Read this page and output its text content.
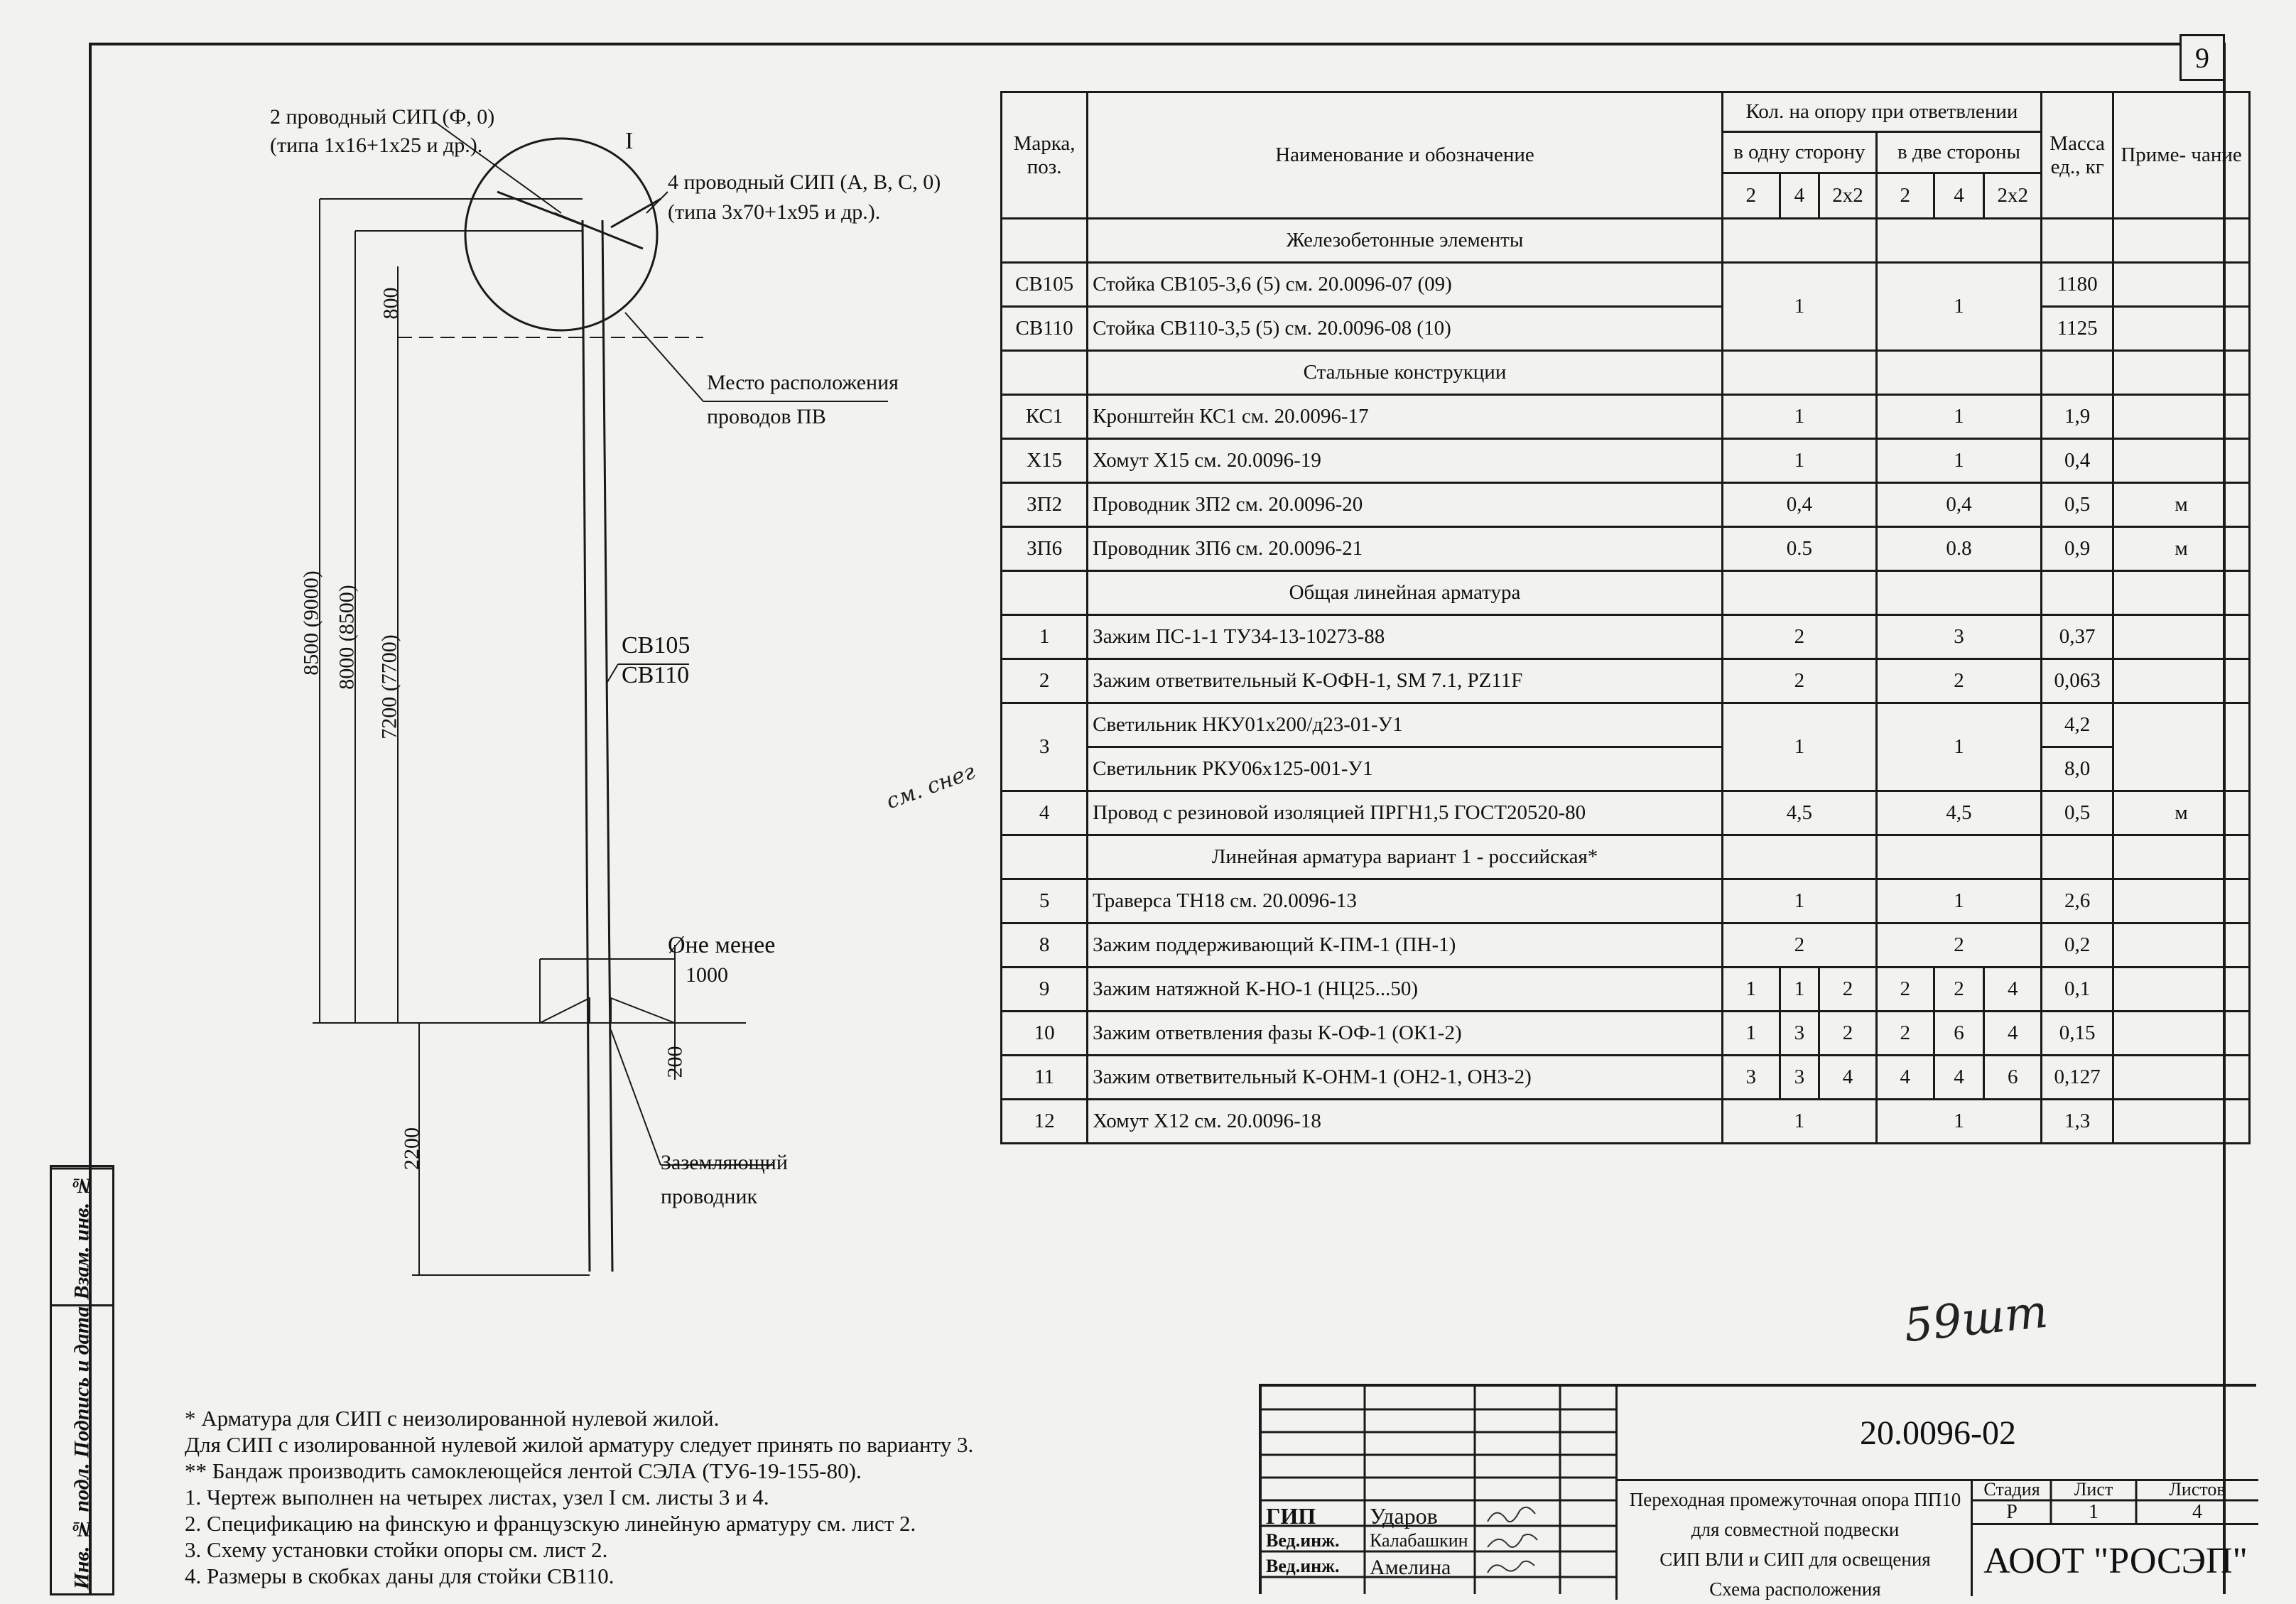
9
Взам. инв. №
Подпись и дата
Инв. № подл.
2 проводный СИП (Ф, 0)
(типа 1х16+1х25 и др.).	I
4 проводный СИП (А, В, С, 0)
(типа 3х70+1х95 и др.).
Место расположения
проводов ПВ
800
8500 (9000) 8000 (8500) 7200 (7700)
2200
200
СВ105
СВ110
Øне менее
1000
Заземляющий
проводник
Марка, поз.	Наименование и обозначение	Кол. на опору при ответвлении						Масса ед., кг	Приме- чание
		в одну сторону			в две стороны				
		2	4	2х2	2	4	2х2		
	Железобетонные элементы								
СВ105	Стойка СВ105-3,6 (5) см. 20.0096-07 (09)	1			1			1180	
СВ110	Стойка СВ110-3,5 (5) см. 20.0096-08 (10)							1125	
	Стальные конструкции								
КС1	Кронштейн КС1 см. 20.0096-17	1			1			1,9	
Х15	Хомут Х15 см. 20.0096-19	1			1			0,4	
ЗП2	Проводник ЗП2 см. 20.0096-20	0,4			0,4			0,5	м
ЗП6	Проводник ЗП6 см. 20.0096-21	0.5			0.8			0,9	м
	Общая линейная арматура								
1	Зажим ПС-1-1 ТУ34-13-10273-88	2			3			0,37	
2	Зажим ответвительный К-ОФН-1, SM 7.1, PZ11F	2			2			0,063	
3	Светильник НКУ01х200/д23-01-У1	1			1			4,2	
	Светильник РКУ06х125-001-У1							8,0	
4	Провод с резиновой изоляцией ПРГН1,5 ГОСТ20520-80	4,5			4,5			0,5	м
	Линейная арматура вариант 1 - российская*								
5	Траверса ТН18 см. 20.0096-13	1			1			2,6	
8	Зажим поддерживающий К-ПМ-1 (ПН-1)	2			2			0,2	
9	Зажим натяжной К-НО-1 (НЦ25...50)	1	1	2	2	2	4	0,1	
10	Зажим ответвления фазы К-ОФ-1 (ОК1-2)	1	3	2	2	6	4	0,15	
11	Зажим ответвительный К-ОНМ-1 (ОН2-1, ОН3-2)	3	3	4	4	4	6	0,127	
12	Хомут Х12 см. 20.0096-18	1			1			1,3	
59шт
см. снег
* Арматура для СИП с неизолированной нулевой жилой.
Для СИП с изолированной нулевой жилой арматуру следует принять по варианту 3.
** Бандаж производить самоклеющейся лентой СЭЛА (ТУ6-19-155-80).
1. Чертеж выполнен на четырех листах, узел I см. листы 3 и 4.
2. Спецификацию на финскую и французскую линейную арматуру см. лист 2.
3. Схему установки стойки опоры см. лист 2.
4. Размеры в скобках даны для стойки СВ110.
ГИП Ударов
Вед.инж. Калабашкин
Вед.инж. Амелина
20.0096-02
Переходная промежуточная опора ПП10
для совместной подвески
СИП ВЛИ и СИП для освещения
Схема расположения
Стадия	Лист	Листов
Р	1	4
АООТ "РОСЭП"
